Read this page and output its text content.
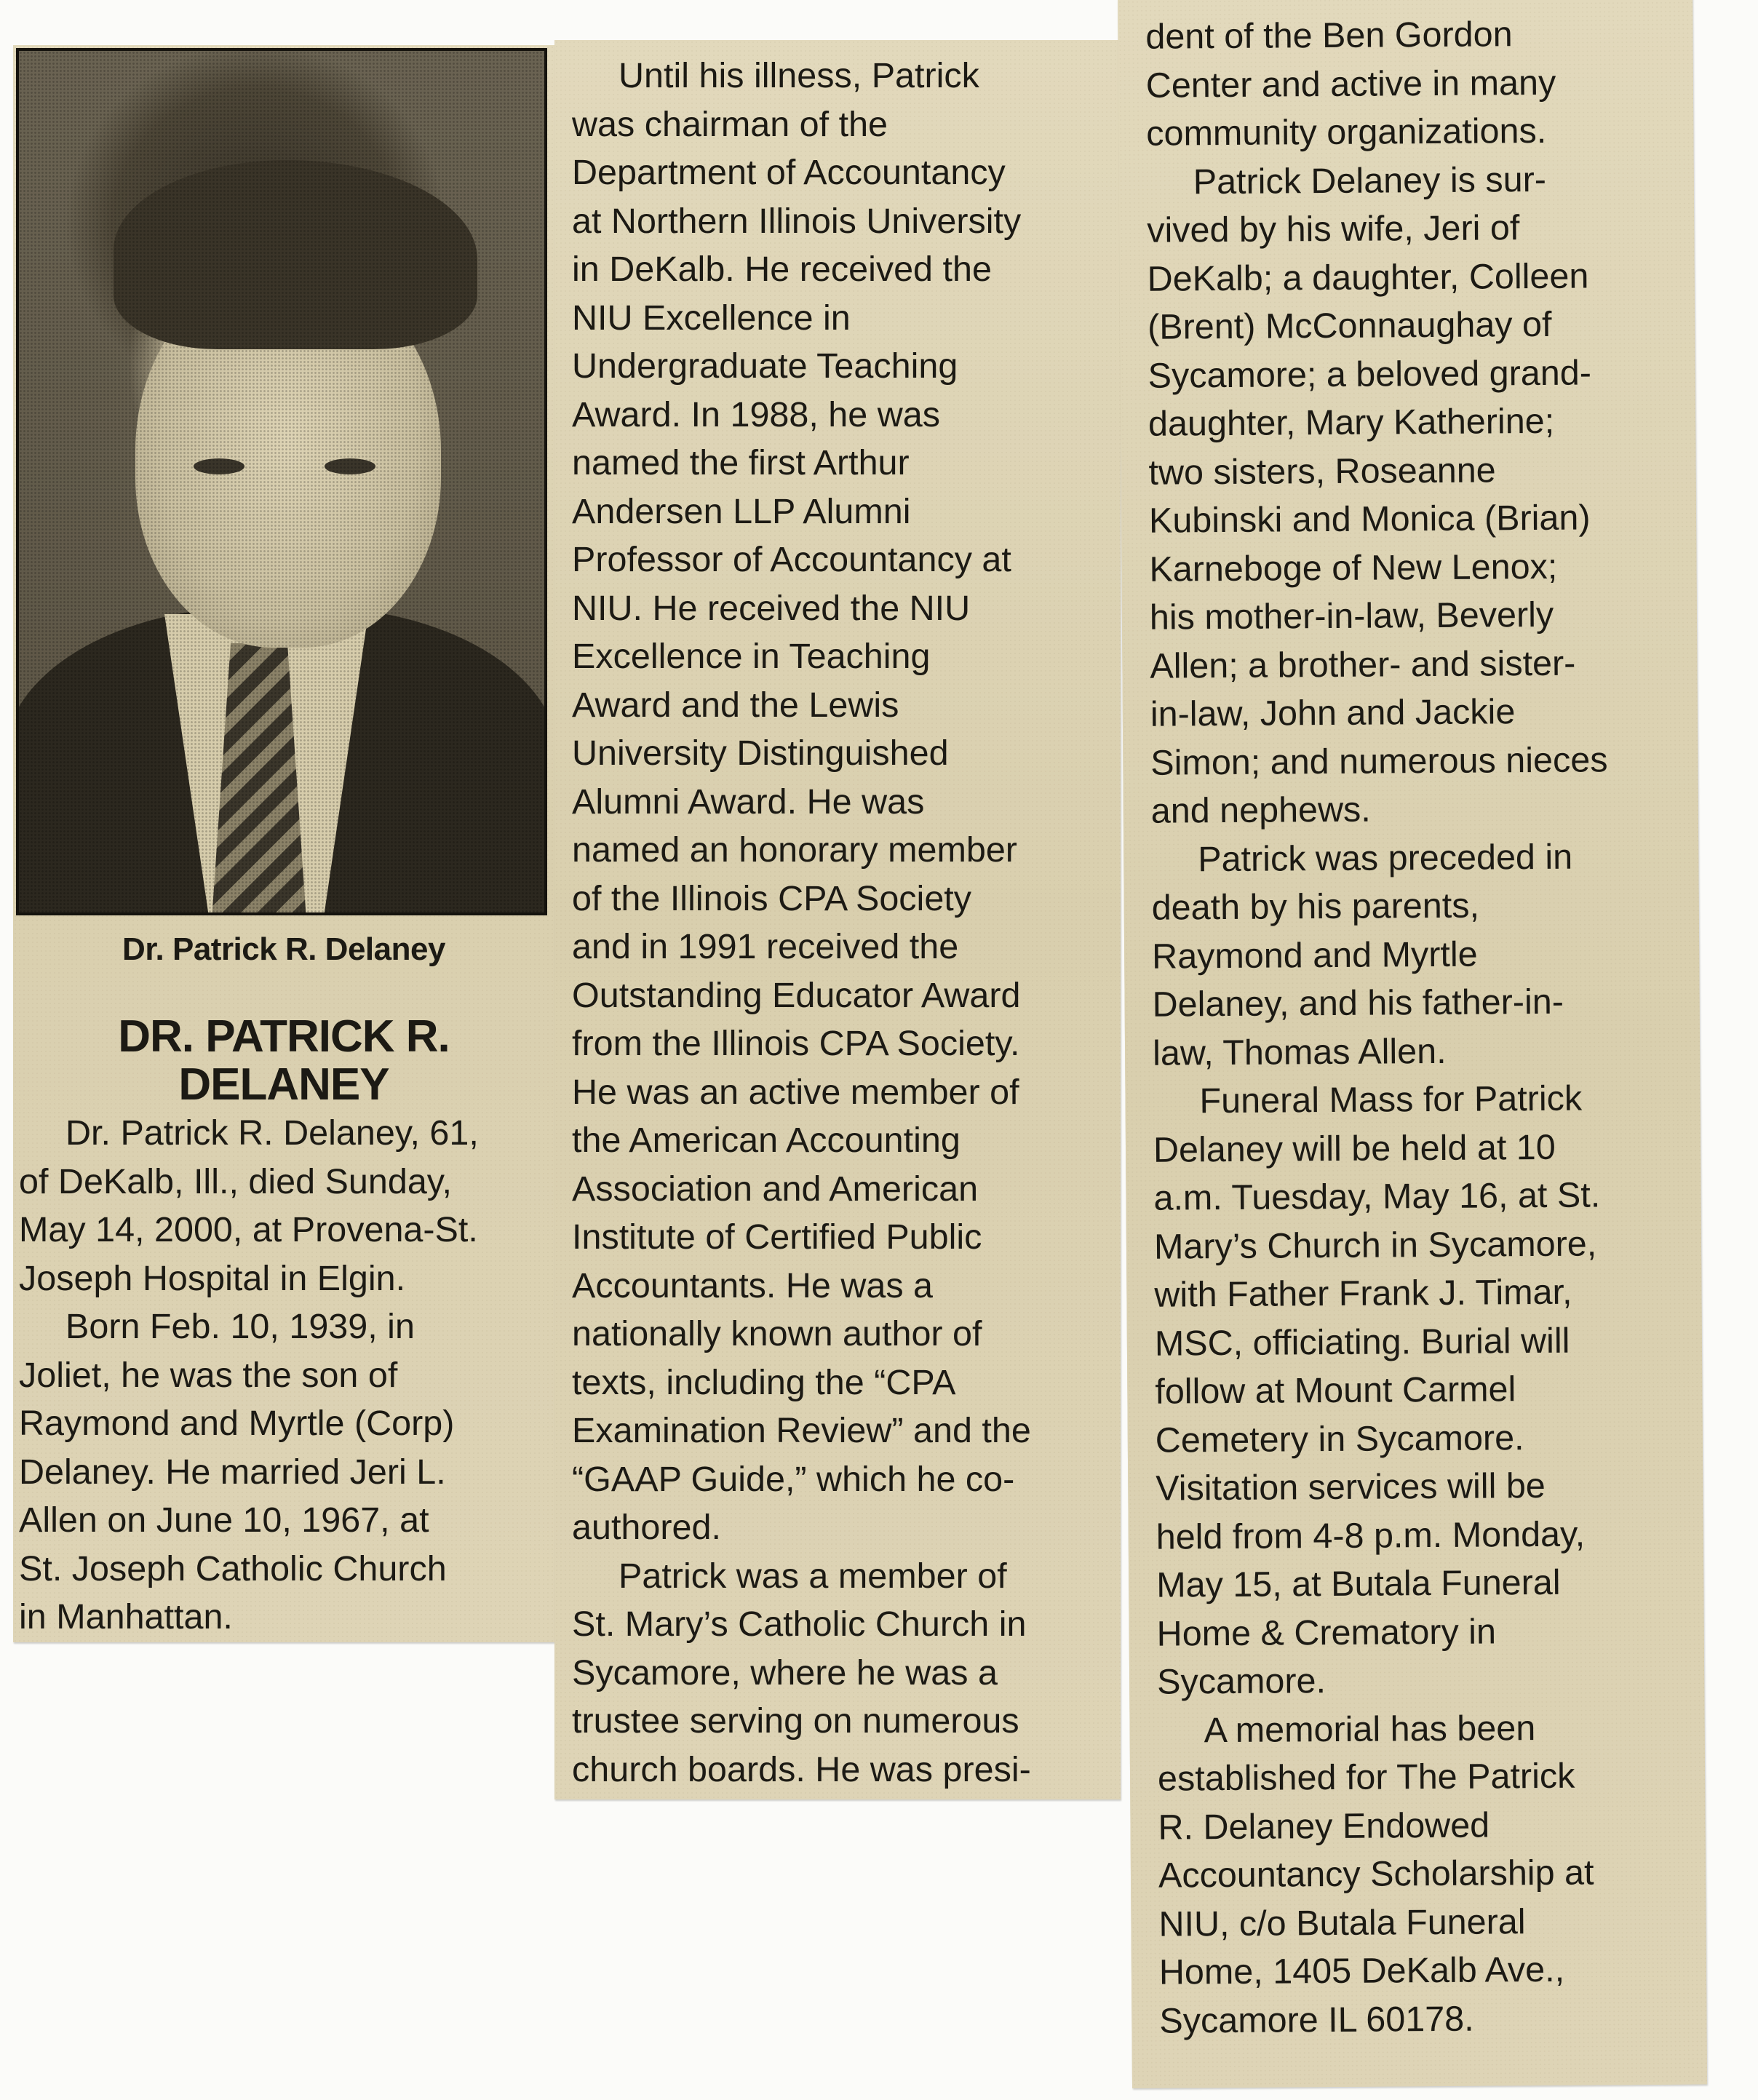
Dr. Patrick R. Delaney
DR. PATRICK R.
DELANEY
Dr. Patrick R. Delaney, 61,
of DeKalb, Ill., died Sunday,
May 14, 2000, at Provena-St.
Joseph Hospital in Elgin.
Born Feb. 10, 1939, in
Joliet, he was the son of
Raymond and Myrtle (Corp)
Delaney. He married Jeri L.
Allen on June 10, 1967, at
St. Joseph Catholic Church
in Manhattan.
Until his illness, Patrick
was chairman of the
Department of Accountancy
at Northern Illinois University
in DeKalb. He received the
NIU Excellence in
Undergraduate Teaching
Award. In 1988, he was
named the first Arthur
Andersen LLP Alumni
Professor of Accountancy at
NIU. He received the NIU
Excellence in Teaching
Award and the Lewis
University Distinguished
Alumni Award. He was
named an honorary member
of the Illinois CPA Society
and in 1991 received the
Outstanding Educator Award
from the Illinois CPA Society.
He was an active member of
the American Accounting
Association and American
Institute of Certified Public
Accountants. He was a
nationally known author of
texts, including the “CPA
Examination Review” and the
“GAAP Guide,” which he co-
authored.
Patrick was a member of
St. Mary’s Catholic Church in
Sycamore, where he was a
trustee serving on numerous
church boards. He was presi-
dent of the Ben Gordon
Center and active in many
community organizations.
Patrick Delaney is sur-
vived by his wife, Jeri of
DeKalb; a daughter, Colleen
(Brent) McConnaughay of
Sycamore; a beloved grand-
daughter, Mary Katherine;
two sisters, Roseanne
Kubinski and Monica (Brian)
Karneboge of New Lenox;
his mother-in-law, Beverly
Allen; a brother- and sister-
in-law, John and Jackie
Simon; and numerous nieces
and nephews.
Patrick was preceded in
death by his parents,
Raymond and Myrtle
Delaney, and his father-in-
law, Thomas Allen.
Funeral Mass for Patrick
Delaney will be held at 10
a.m. Tuesday, May 16, at St.
Mary’s Church in Sycamore,
with Father Frank J. Timar,
MSC, officiating. Burial will
follow at Mount Carmel
Cemetery in Sycamore.
Visitation services will be
held from 4-8 p.m. Monday,
May 15, at Butala Funeral
Home & Crematory in
Sycamore.
A memorial has been
established for The Patrick
R. Delaney Endowed
Accountancy Scholarship at
NIU, c/o Butala Funeral
Home, 1405 DeKalb Ave.,
Sycamore IL 60178.
